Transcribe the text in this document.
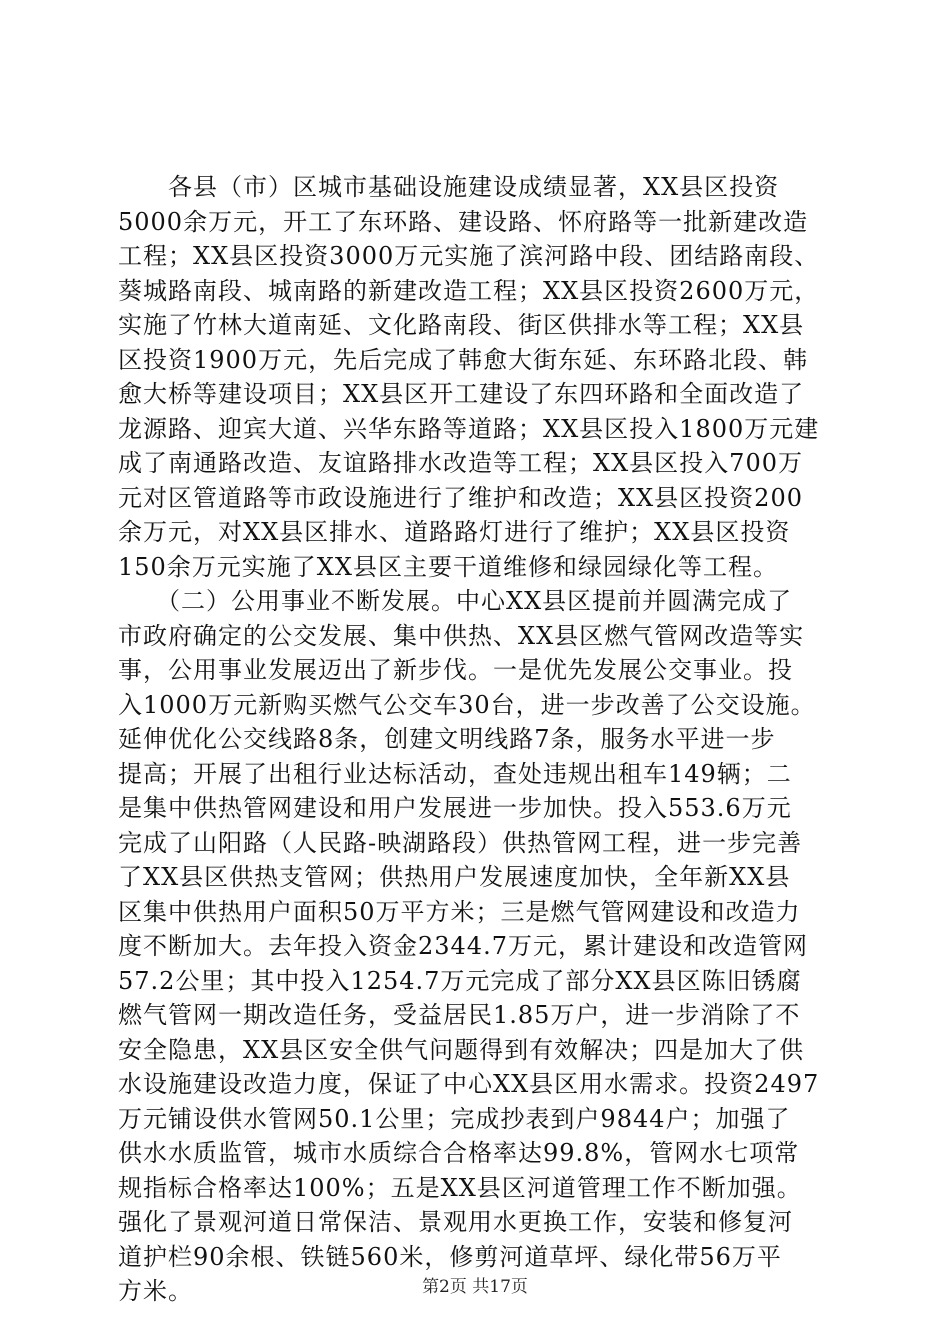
　　各县（市）区城市基础设施建设成绩显著，XX县区投资
5000余万元，开工了东环路、建设路、怀府路等一批新建改造
工程；XX县区投资3000万元实施了滨河路中段、团结路南段、
葵城路南段、城南路的新建改造工程；XX县区投资2600万元，
实施了竹林大道南延、文化路南段、街区供排水等工程；XX县
区投资1900万元，先后完成了韩愈大街东延、东环路北段、韩
愈大桥等建设项目；XX县区开工建设了东四环路和全面改造了
龙源路、迎宾大道、兴华东路等道路；XX县区投入1800万元建
成了南通路改造、友谊路排水改造等工程；XX县区投入700万
元对区管道路等市政设施进行了维护和改造；XX县区投资200
余万元，对XX县区排水、道路路灯进行了维护；XX县区投资
150余万元实施了XX县区主要干道维修和绿园绿化等工程。
　　（二）公用事业不断发展。中心XX县区提前并圆满完成了
市政府确定的公交发展、集中供热、XX县区燃气管网改造等实
事，公用事业发展迈出了新步伐。一是优先发展公交事业。投
入1000万元新购买燃气公交车30台，进一步改善了公交设施。
延伸优化公交线路8条，创建文明线路7条，服务水平进一步
提高；开展了出租行业达标活动，查处违规出租车149辆；二
是集中供热管网建设和用户发展进一步加快。投入553.6万元
完成了山阳路（人民路-映湖路段）供热管网工程，进一步完善
了XX县区供热支管网；供热用户发展速度加快，全年新XX县
区集中供热用户面积50万平方米；三是燃气管网建设和改造力
度不断加大。去年投入资金2344.7万元，累计建设和改造管网
57.2公里；其中投入1254.7万元完成了部分XX县区陈旧锈腐
燃气管网一期改造任务，受益居民1.85万户，进一步消除了不
安全隐患，XX县区安全供气问题得到有效解决；四是加大了供
水设施建设改造力度，保证了中心XX县区用水需求。投资2497
万元铺设供水管网50.1公里；完成抄表到户9844户；加强了
供水水质监管，城市水质综合合格率达99.8%，管网水七项常
规指标合格率达100%；五是XX县区河道管理工作不断加强。
强化了景观河道日常保洁、景观用水更换工作，安装和修复河
道护栏90余根、铁链560米，修剪河道草坪、绿化带56万平
方米。	第2页 共17页
